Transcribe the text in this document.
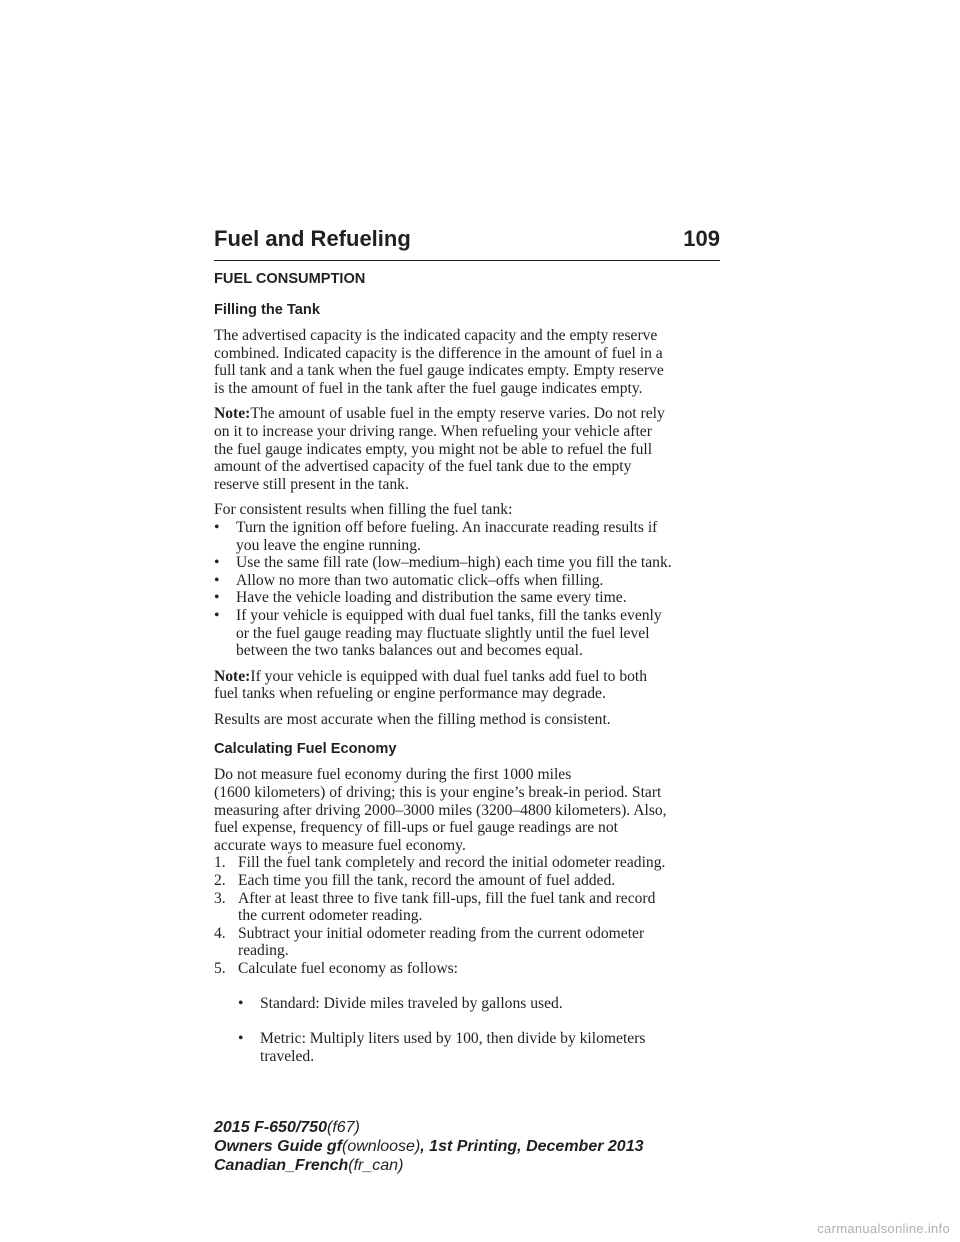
Fuel and Refueling	109
FUEL CONSUMPTION
Filling the Tank
The advertised capacity is the indicated capacity and the empty reserve
combined. Indicated capacity is the difference in the amount of fuel in a
full tank and a tank when the fuel gauge indicates empty. Empty reserve
is the amount of fuel in the tank after the fuel gauge indicates empty.
Note:The amount of usable fuel in the empty reserve varies. Do not rely
on it to increase your driving range. When refueling your vehicle after
the fuel gauge indicates empty, you might not be able to refuel the full
amount of the advertised capacity of the fuel tank due to the empty
reserve still present in the tank.
For consistent results when filling the fuel tank:
• Turn the ignition off before fueling. An inaccurate reading results if
you leave the engine running.
• Use the same fill rate (low–medium–high) each time you fill the tank.
• Allow no more than two automatic click–offs when filling.
• Have the vehicle loading and distribution the same every time.
• If your vehicle is equipped with dual fuel tanks, fill the tanks evenly
or the fuel gauge reading may fluctuate slightly until the fuel level
between the two tanks balances out and becomes equal.
Note:If your vehicle is equipped with dual fuel tanks add fuel to both
fuel tanks when refueling or engine performance may degrade.
Results are most accurate when the filling method is consistent.
Calculating Fuel Economy
Do not measure fuel economy during the first 1000 miles
(1600 kilometers) of driving; this is your engine’s break-in period. Start
measuring after driving 2000–3000 miles (3200–4800 kilometers). Also,
fuel expense, frequency of fill-ups or fuel gauge readings are not
accurate ways to measure fuel economy.
1. Fill the fuel tank completely and record the initial odometer reading.
2. Each time you fill the tank, record the amount of fuel added.
3. After at least three to five tank fill-ups, fill the fuel tank and record
the current odometer reading.
4. Subtract your initial odometer reading from the current odometer
reading.
5. Calculate fuel economy as follows:

• Standard: Divide miles traveled by gallons used.

• Metric: Multiply liters used by 100, then divide by kilometers
traveled.

2015 F-650/750(f67)
Owners Guide gf(ownloose), 1st Printing, December 2013
Canadian_French(fr_can)
carmanualsonline.info
